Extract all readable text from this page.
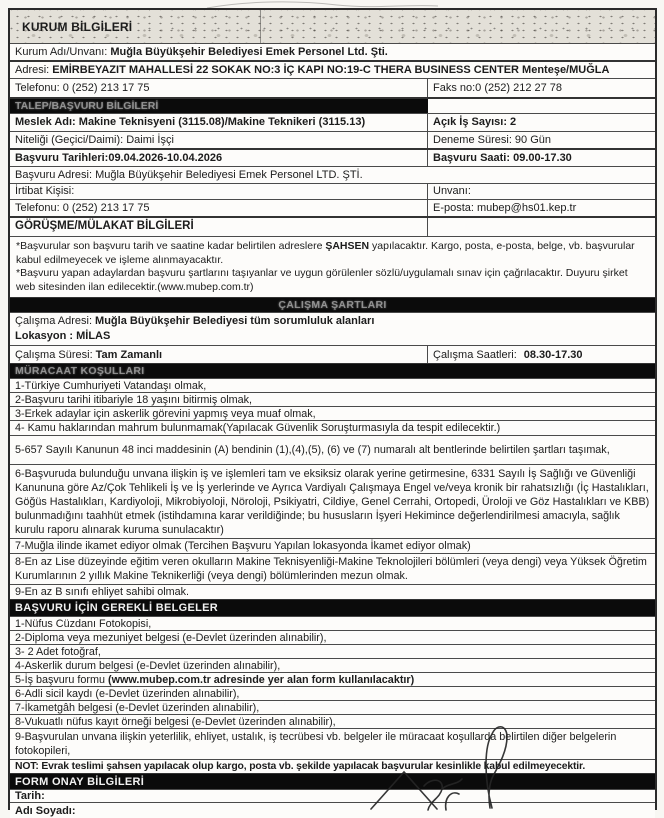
KURUM BİLGİLERİ
Kurum Adı/Unvanı: Muğla Büyükşehir Belediyesi Emek Personel Ltd. Şti.
Adresi: EMİRBEYAZIT MAHALLESİ 22 SOKAK NO:3 İÇ KAPI NO:19-C THERA BUSINESS CENTER Menteşe/MUĞLA
Telefonu: 0 (252) 213 17 75	Faks no:0 (252) 212 27 78
TALEP/BAŞVURU BİLGİLERİ
Meslek Adı: Makine Teknisyeni (3115.08)/Makine Teknikeri (3115.13)	Açık İş Sayısı: 2
Niteliği (Geçici/Daimi): Daimi İşçi	Deneme Süresi: 90 Gün
Başvuru Tarihleri:09.04.2026-10.04.2026	Başvuru Saati: 09.00-17.30
Başvuru Adresi: Muğla Büyükşehir Belediyesi Emek Personel LTD. ŞTİ.
İrtibat Kişisi:	Unvanı:
Telefonu: 0 (252) 213 17 75	E-posta: mubep@hs01.kep.tr
GÖRÜŞME/MÜLAKAT BİLGİLERİ

*Başvurular son başvuru tarih ve saatine kadar belirtilen adreslere ŞAHSEN yapılacaktır. Kargo, posta, e-posta, belge, vb. başvurular kabul edilmeyecek ve işleme alınmayacaktır.

*Başvuru yapan adaylardan başvuru şartlarını taşıyanlar ve uygun görülenler sözlü/uygulamalı sınav için çağrılacaktır. Duyuru şirket web sitesinden ilan edilecektir.(www.mubep.com.tr)

ÇALIŞMA ŞARTLARI
Çalışma Adresi: Muğla Büyükşehir Belediyesi tüm sorumluluk alanları
Lokasyon : MİLAS
Çalışma Süresi: Tam Zamanlı	Çalışma Saatleri: 08.30-17.30
MÜRACAAT KOŞULLARI
1-Türkiye Cumhuriyeti Vatandaşı olmak,
2-Başvuru tarihi itibariyle 18 yaşını bitirmiş olmak,
3-Erkek adaylar için askerlik görevini yapmış veya muaf olmak,
4- Kamu haklarından mahrum bulunmamak(Yapılacak Güvenlik Soruşturmasıyla da tespit edilecektir.)
5-657 Sayılı Kanunun 48 inci maddesinin (A) bendinin (1),(4),(5), (6) ve (7) numaralı alt bentlerinde belirtilen şartları taşımak,
6-Başvuruda bulunduğu unvana ilişkin iş ve işlemleri tam ve eksiksiz olarak yerine getirmesine, 6331 Sayılı İş Sağlığı ve Güvenliği Kanununa göre Az/Çok Tehlikeli İş ve İş yerlerinde ve Ayrıca Vardiyalı Çalışmaya Engel ve/veya kronik bir rahatsızlığı (İç Hastalıkları, Göğüs Hastalıkları, Kardiyoloji, Mikrobiyoloji, Nöroloji, Psikiyatri, Cildiye, Genel Cerrahi, Ortopedi, Üroloji ve Göz Hastalıkları ve KBB) bulunmadığını taahhüt etmek (istihdamına karar verildiğinde; bu hususların İşyeri Hekimince değerlendirilmesi amacıyla, sağlık kurulu raporu alınarak kuruma sunulacaktır)
7-Muğla ilinde ikamet ediyor olmak (Tercihen Başvuru Yapılan lokasyonda İkamet ediyor olmak)
8-En az Lise düzeyinde eğitim veren okulların Makine Teknisyenliği-Makine Teknolojileri bölümleri (veya dengi) veya Yüksek Öğretim Kurumlarının 2 yıllık Makine Teknikerliği (veya dengi) bölümlerinden mezun olmak.
9-En az B sınıfı ehliyet sahibi olmak.
BAŞVURU İÇİN GEREKLİ BELGELER
1-Nüfus Cüzdanı Fotokopisi,
2-Diploma veya mezuniyet belgesi (e-Devlet üzerinden alınabilir),
3- 2 Adet fotoğraf,
4-Askerlik durum belgesi (e-Devlet üzerinden alınabilir),
5-İş başvuru formu (www.mubep.com.tr adresinde yer alan form kullanılacaktır)
6-Adli sicil kaydı (e-Devlet üzerinden alınabilir),
7-İkametgâh belgesi (e-Devlet üzerinden alınabilir),
8-Vukuatlı nüfus kayıt örneği belgesi (e-Devlet üzerinden alınabilir),
9-Başvurulan unvana ilişkin yeterlilik, ehliyet, ustalık, iş tecrübesi vb. belgeler ile müracaat koşullarda belirtilen diğer belgelerin fotokopileri,
NOT: Evrak teslimi şahsen yapılacak olup kargo, posta vb. şekilde yapılacak başvurular kesinlikle kabul edilmeyecektir.
FORM ONAY BİLGİLERİ
Tarih:
Adı Soyadı:
